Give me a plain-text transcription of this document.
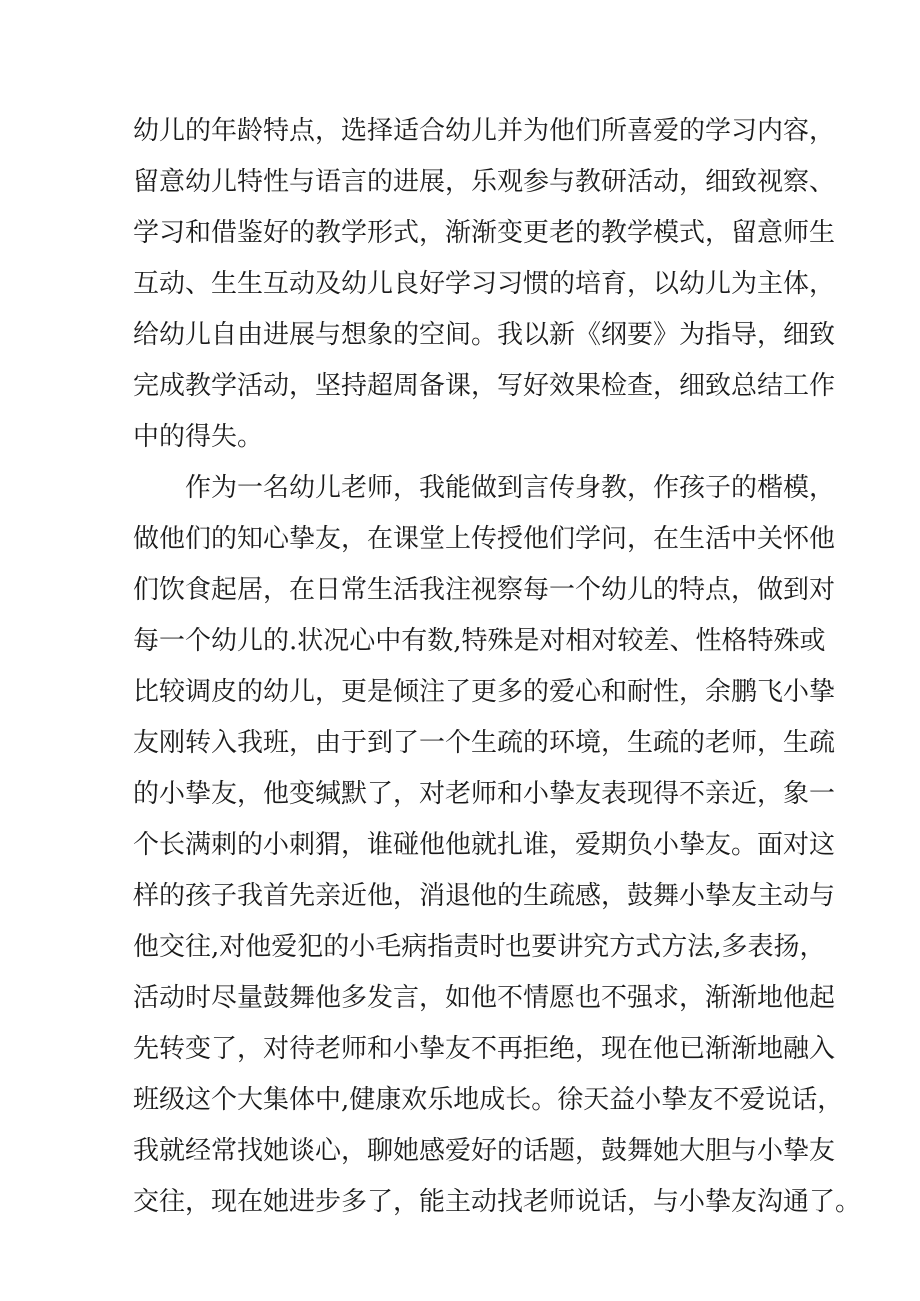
幼儿的年龄特点，选择适合幼儿并为他们所喜爱的学习内容，
留意幼儿特性与语言的进展，乐观参与教研活动，细致视察、
学习和借鉴好的教学形式，渐渐变更老的教学模式，留意师生
互动、生生互动及幼儿良好学习习惯的培育，以幼儿为主体，
给幼儿自由进展与想象的空间。我以新《纲要》为指导，细致
完成教学活动，坚持超周备课，写好效果检查，细致总结工作
中的得失。
作为一名幼儿老师，我能做到言传身教，作孩子的楷模，
做他们的知心挚友，在课堂上传授他们学问，在生活中关怀他
们饮食起居，在日常生活我注视察每一个幼儿的特点，做到对
每一个幼儿的.状况心中有数,特殊是对相对较差、性格特殊或
比较调皮的幼儿，更是倾注了更多的爱心和耐性，余鹏飞小挚
友刚转入我班，由于到了一个生疏的环境，生疏的老师，生疏
的小挚友，他变缄默了，对老师和小挚友表现得不亲近，象一
个长满刺的小刺猬，谁碰他他就扎谁，爱期负小挚友。面对这
样的孩子我首先亲近他，消退他的生疏感，鼓舞小挚友主动与
他交往,对他爱犯的小毛病指责时也要讲究方式方法,多表扬，
活动时尽量鼓舞他多发言，如他不情愿也不强求，渐渐地他起
先转变了，对待老师和小挚友不再拒绝，现在他已渐渐地融入
班级这个大集体中,健康欢乐地成长。徐天益小挚友不爱说话，
我就经常找她谈心，聊她感爱好的话题，鼓舞她大胆与小挚友
交往，现在她进步多了，能主动找老师说话，与小挚友沟通了。
